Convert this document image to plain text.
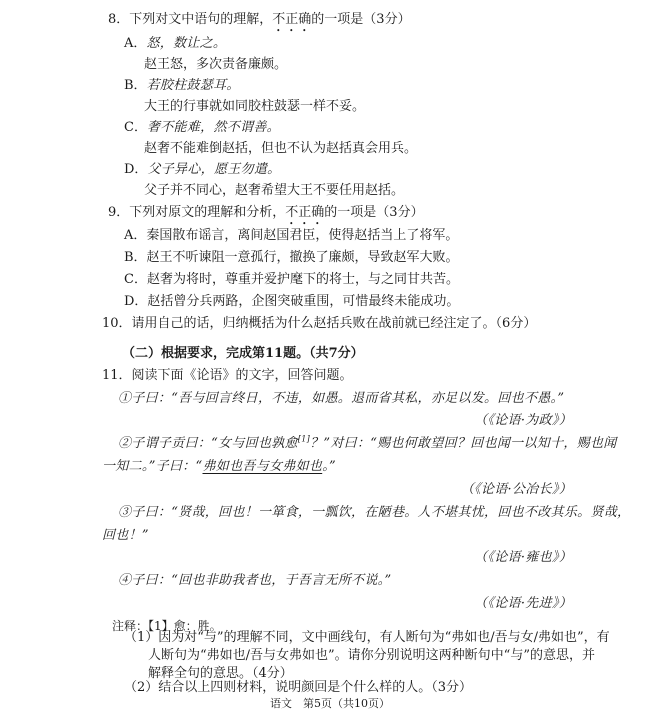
8．下列对文中语句的理解，不正确的一项是（3分）
A．怒，数让之。
赵王怒，多次责备廉颇。
B．若胶柱鼓瑟耳。
大王的行事就如同胶柱鼓瑟一样不妥。
C．奢不能难，然不谓善。
赵奢不能难倒赵括，但也不认为赵括真会用兵。
D．父子异心，愿王勿遣。
父子并不同心，赵奢希望大王不要任用赵括。
9．下列对原文的理解和分析，不正确的一项是（3分）
A．秦国散布谣言，离间赵国君臣，使得赵括当上了将军。
B．赵王不听谏阻一意孤行，撤换了廉颇，导致赵军大败。
C．赵奢为将时，尊重并爱护麾下的将士，与之同甘共苦。
D．赵括曾分兵两路，企图突破重围，可惜最终未能成功。
10．请用自己的话，归纳概括为什么赵括兵败在战前就已经注定了。（6分）
（二）根据要求，完成第11题。（共7分）
11．阅读下面《论语》的文字，回答问题。
①子曰：“吾与回言终日，不违，如愚。退而省其私，亦足以发。回也不愚。”
（《论语·为政》）
②子谓子贡曰：“女与回也孰愈[1]？”对曰：“赐也何敢望回？回也闻一以知十，赐也闻
一知二。”子曰：“弗如也吾与女弗如也。”
（《论语·公冶长》）
③子曰：“贤哉，回也！一箪食，一瓢饮，在陋巷。人不堪其忧，回也不改其乐。贤哉，
回也！”
（《论语·雍也》）
④子曰：“回也非助我者也，于吾言无所不说。”
（《论语·先进》）
注释：【1】愈：胜。
（1）因为对“与”的理解不同，文中画线句，有人断句为“弗如也/吾与女/弗如也”，有
人断句为“弗如也/吾与女弗如也”。请你分别说明这两种断句中“与”的意思，并
解释全句的意思。（4分）
（2）结合以上四则材料，说明颜回是个什么样的人。（3分）
语文　第5页（共10页）
